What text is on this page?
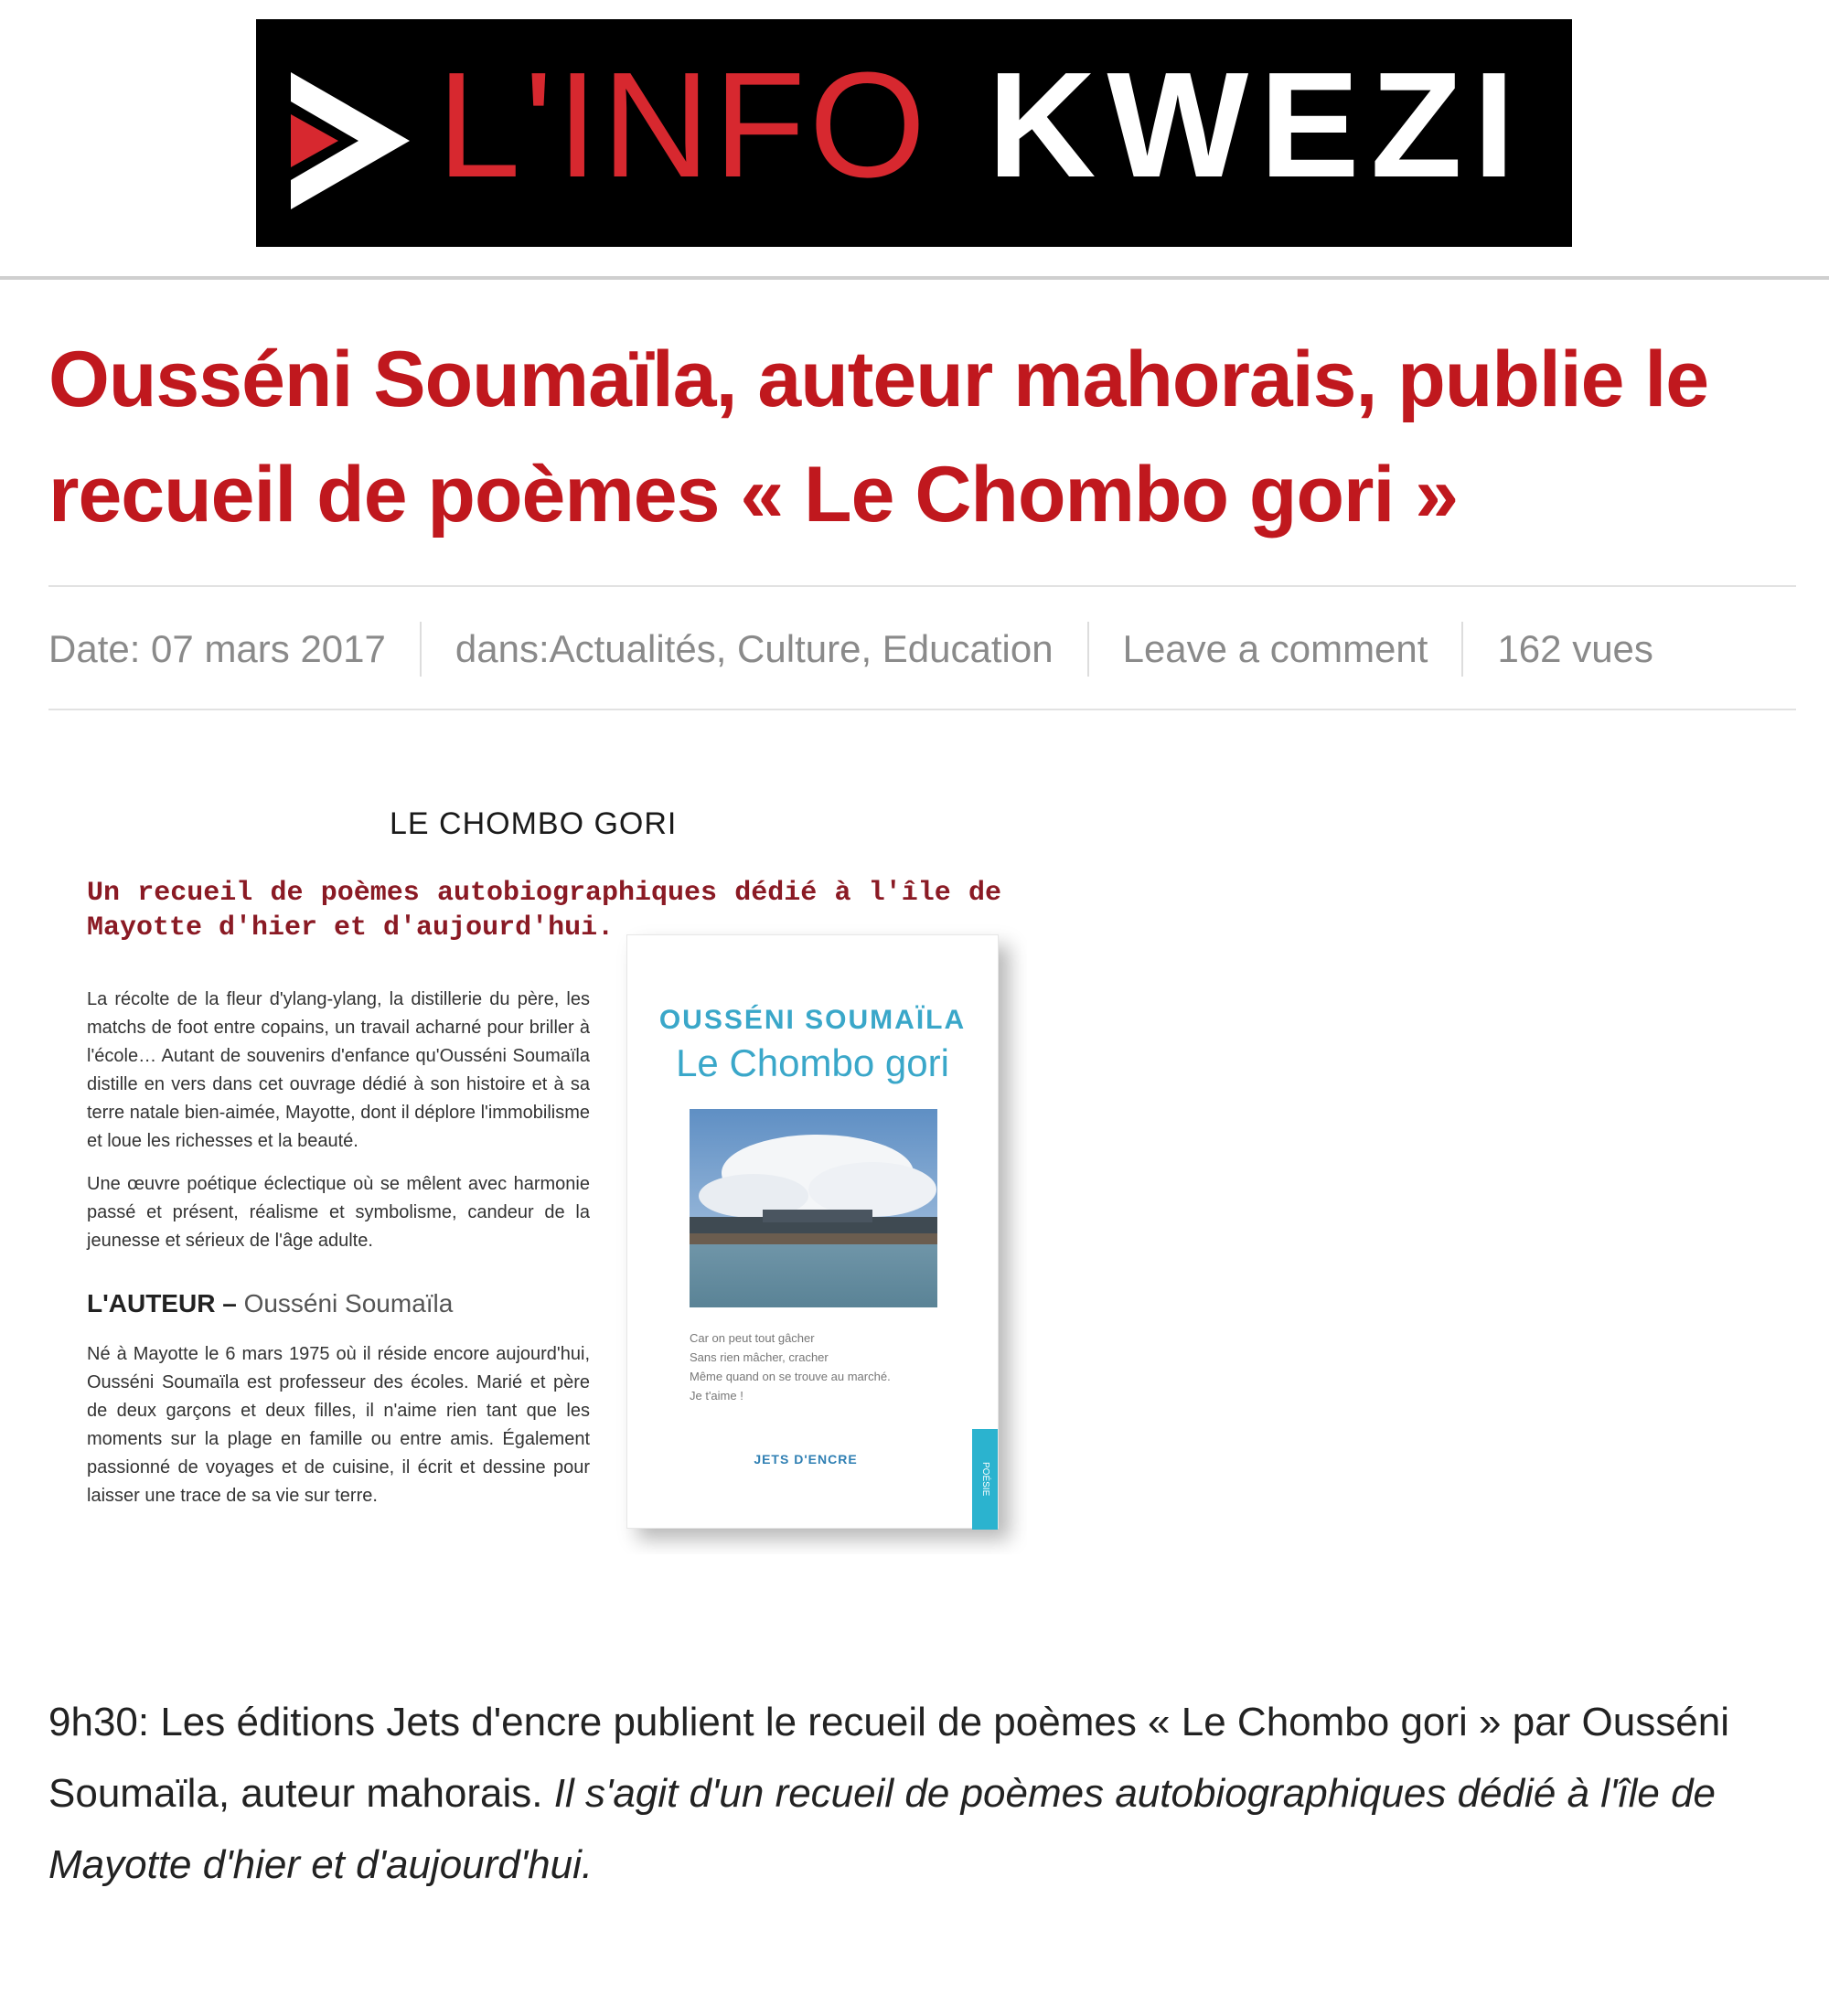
L'INFO KWEZI
Ousséni Soumaïla, auteur mahorais, publie le recueil de poèmes « Le Chombo gori »
Date: 07 mars 2017 dans:Actualités, Culture, Education Leave a comment 162 vues
LE CHOMBO GORI

Un recueil de poèmes autobiographiques dédié à l'île de Mayotte d'hier et d'aujourd'hui.

La récolte de la fleur d'ylang-ylang, la distillerie du père, les matchs de foot entre copains, un travail acharné pour briller à l'école… Autant de souvenirs d'enfance qu'Ousséni Soumaïla distille en vers dans cet ouvrage dédié à son histoire et à sa terre natale bien-aimée, Mayotte, dont il déplore l'immobilisme et loue les richesses et la beauté.

Une œuvre poétique éclectique où se mêlent avec harmonie passé et présent, réalisme et symbolisme, candeur de la jeunesse et sérieux de l'âge adulte.

L'AUTEUR – Ousséni Soumaïla

Né à Mayotte le 6 mars 1975 où il réside encore aujourd'hui, Ousséni Soumaïla est professeur des écoles. Marié et père de deux garçons et deux filles, il n'aime rien tant que les moments sur la plage en famille ou entre amis. Également passionné de voyages et de cuisine, il écrit et dessine pour laisser une trace de sa vie sur terre.

OUSSÉNI SOUMAÏLA

Le Chombo gori

Car on peut tout gâcher
Sans rien mâcher, cracher
Même quand on se trouve au marché.
Je t'aime !

JETS D'ENCRE

POÉSIE

9h30: Les éditions Jets d'encre publient le recueil de poèmes « Le Chombo gori » par Ousséni Soumaïla, auteur mahorais. Il s'agit d'un recueil de poèmes autobiographiques dédié à l'île de Mayotte d'hier et d'aujourd'hui.
